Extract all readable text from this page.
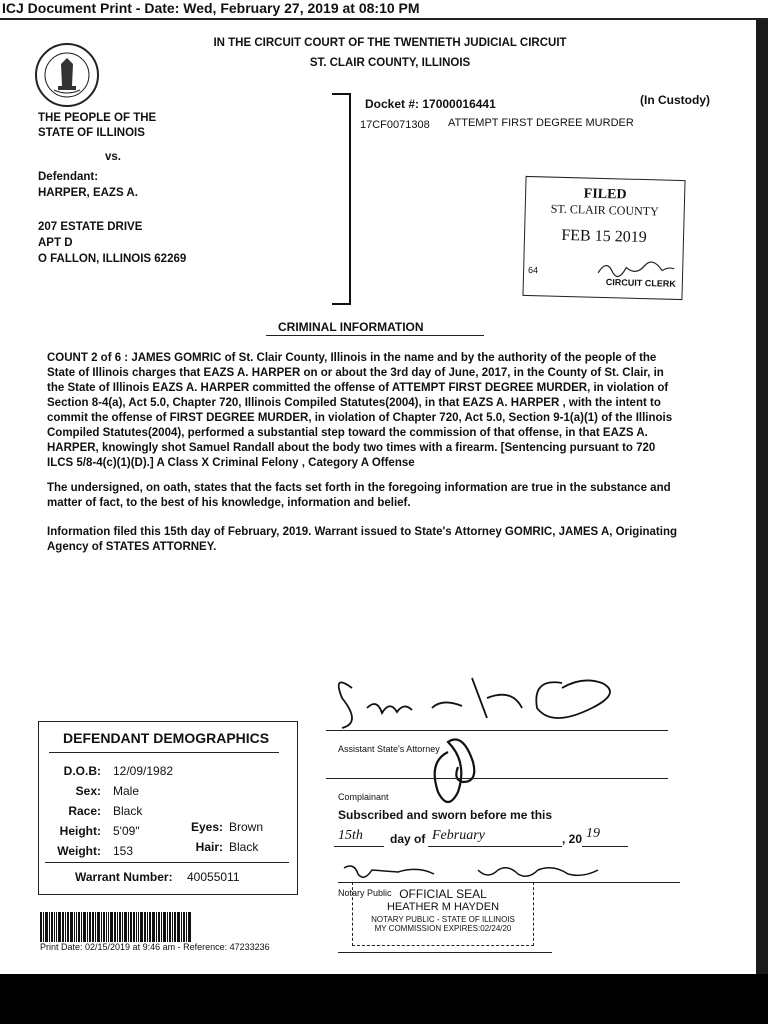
ICJ Document Print - Date: Wed, February 27, 2019 at 08:10 PM
IN THE CIRCUIT COURT OF THE TWENTIETH JUDICIAL CIRCUIT
ST. CLAIR COUNTY, ILLINOIS
THE PEOPLE OF THE
STATE OF ILLINOIS
vs.
Defendant:
HARPER, EAZS A.
207 ESTATE DRIVE
APT D
O FALLON, ILLINOIS 62269
Docket #: 17000016441	(In Custody)
17CF0071308 ATTEMPT FIRST DEGREE MURDER
FILED
ST. CLAIR COUNTY
FEB 15 2019
64
CIRCUIT CLERK
CRIMINAL INFORMATION
COUNT 2 of 6 : JAMES GOMRIC of St. Clair County, Illinois in the name and by the authority of the people of the
State of Illinois charges that EAZS A. HARPER on or about the 3rd day of June, 2017, in the County of St. Clair, in
the State of Illinois EAZS A. HARPER committed the offense of ATTEMPT FIRST DEGREE MURDER, in violation of
Section 8-4(a), Act 5.0, Chapter 720, Illinois Compiled Statutes(2004), in that EAZS A. HARPER , with the intent to
commit the offense of FIRST DEGREE MURDER, in violation of Chapter 720, Act 5.0, Section 9-1(a)(1) of the Illinois
Compiled Statutes(2004), performed a substantial step toward the commission of that offense, in that EAZS A.
HARPER, knowingly shot Samuel Randall about the body two times with a firearm. [Sentencing pursuant to 720
ILCS 5/8-4(c)(1)(D).] A Class X Criminal Felony , Category A Offense
The undersigned, on oath, states that the facts set forth in the foregoing information are true in the substance and
matter of fact, to the best of his knowledge, information and belief.
Information filed this 15th day of February, 2019. Warrant issued to State's Attorney GOMRIC, JAMES A, Originating
Agency of STATES ATTORNEY.
Assistant State's Attorney
Complainant
Subscribed and sworn before me this
15th day of February	, 20 19
Notary Public OFFICIAL SEAL
HEATHER M HAYDEN
NOTARY PUBLIC - STATE OF ILLINOIS
MY COMMISSION EXPIRES:02/24/20
DEFENDANT DEMOGRAPHICS
D.O.B: 12/09/1982
Sex: Male
Race: Black
Height: 5'09"	Eyes: Brown
Weight: 153	Hair: Black
Warrant Number: 40055011
Print Date: 02/15/2019 at 9:46 am - Reference: 47233236
